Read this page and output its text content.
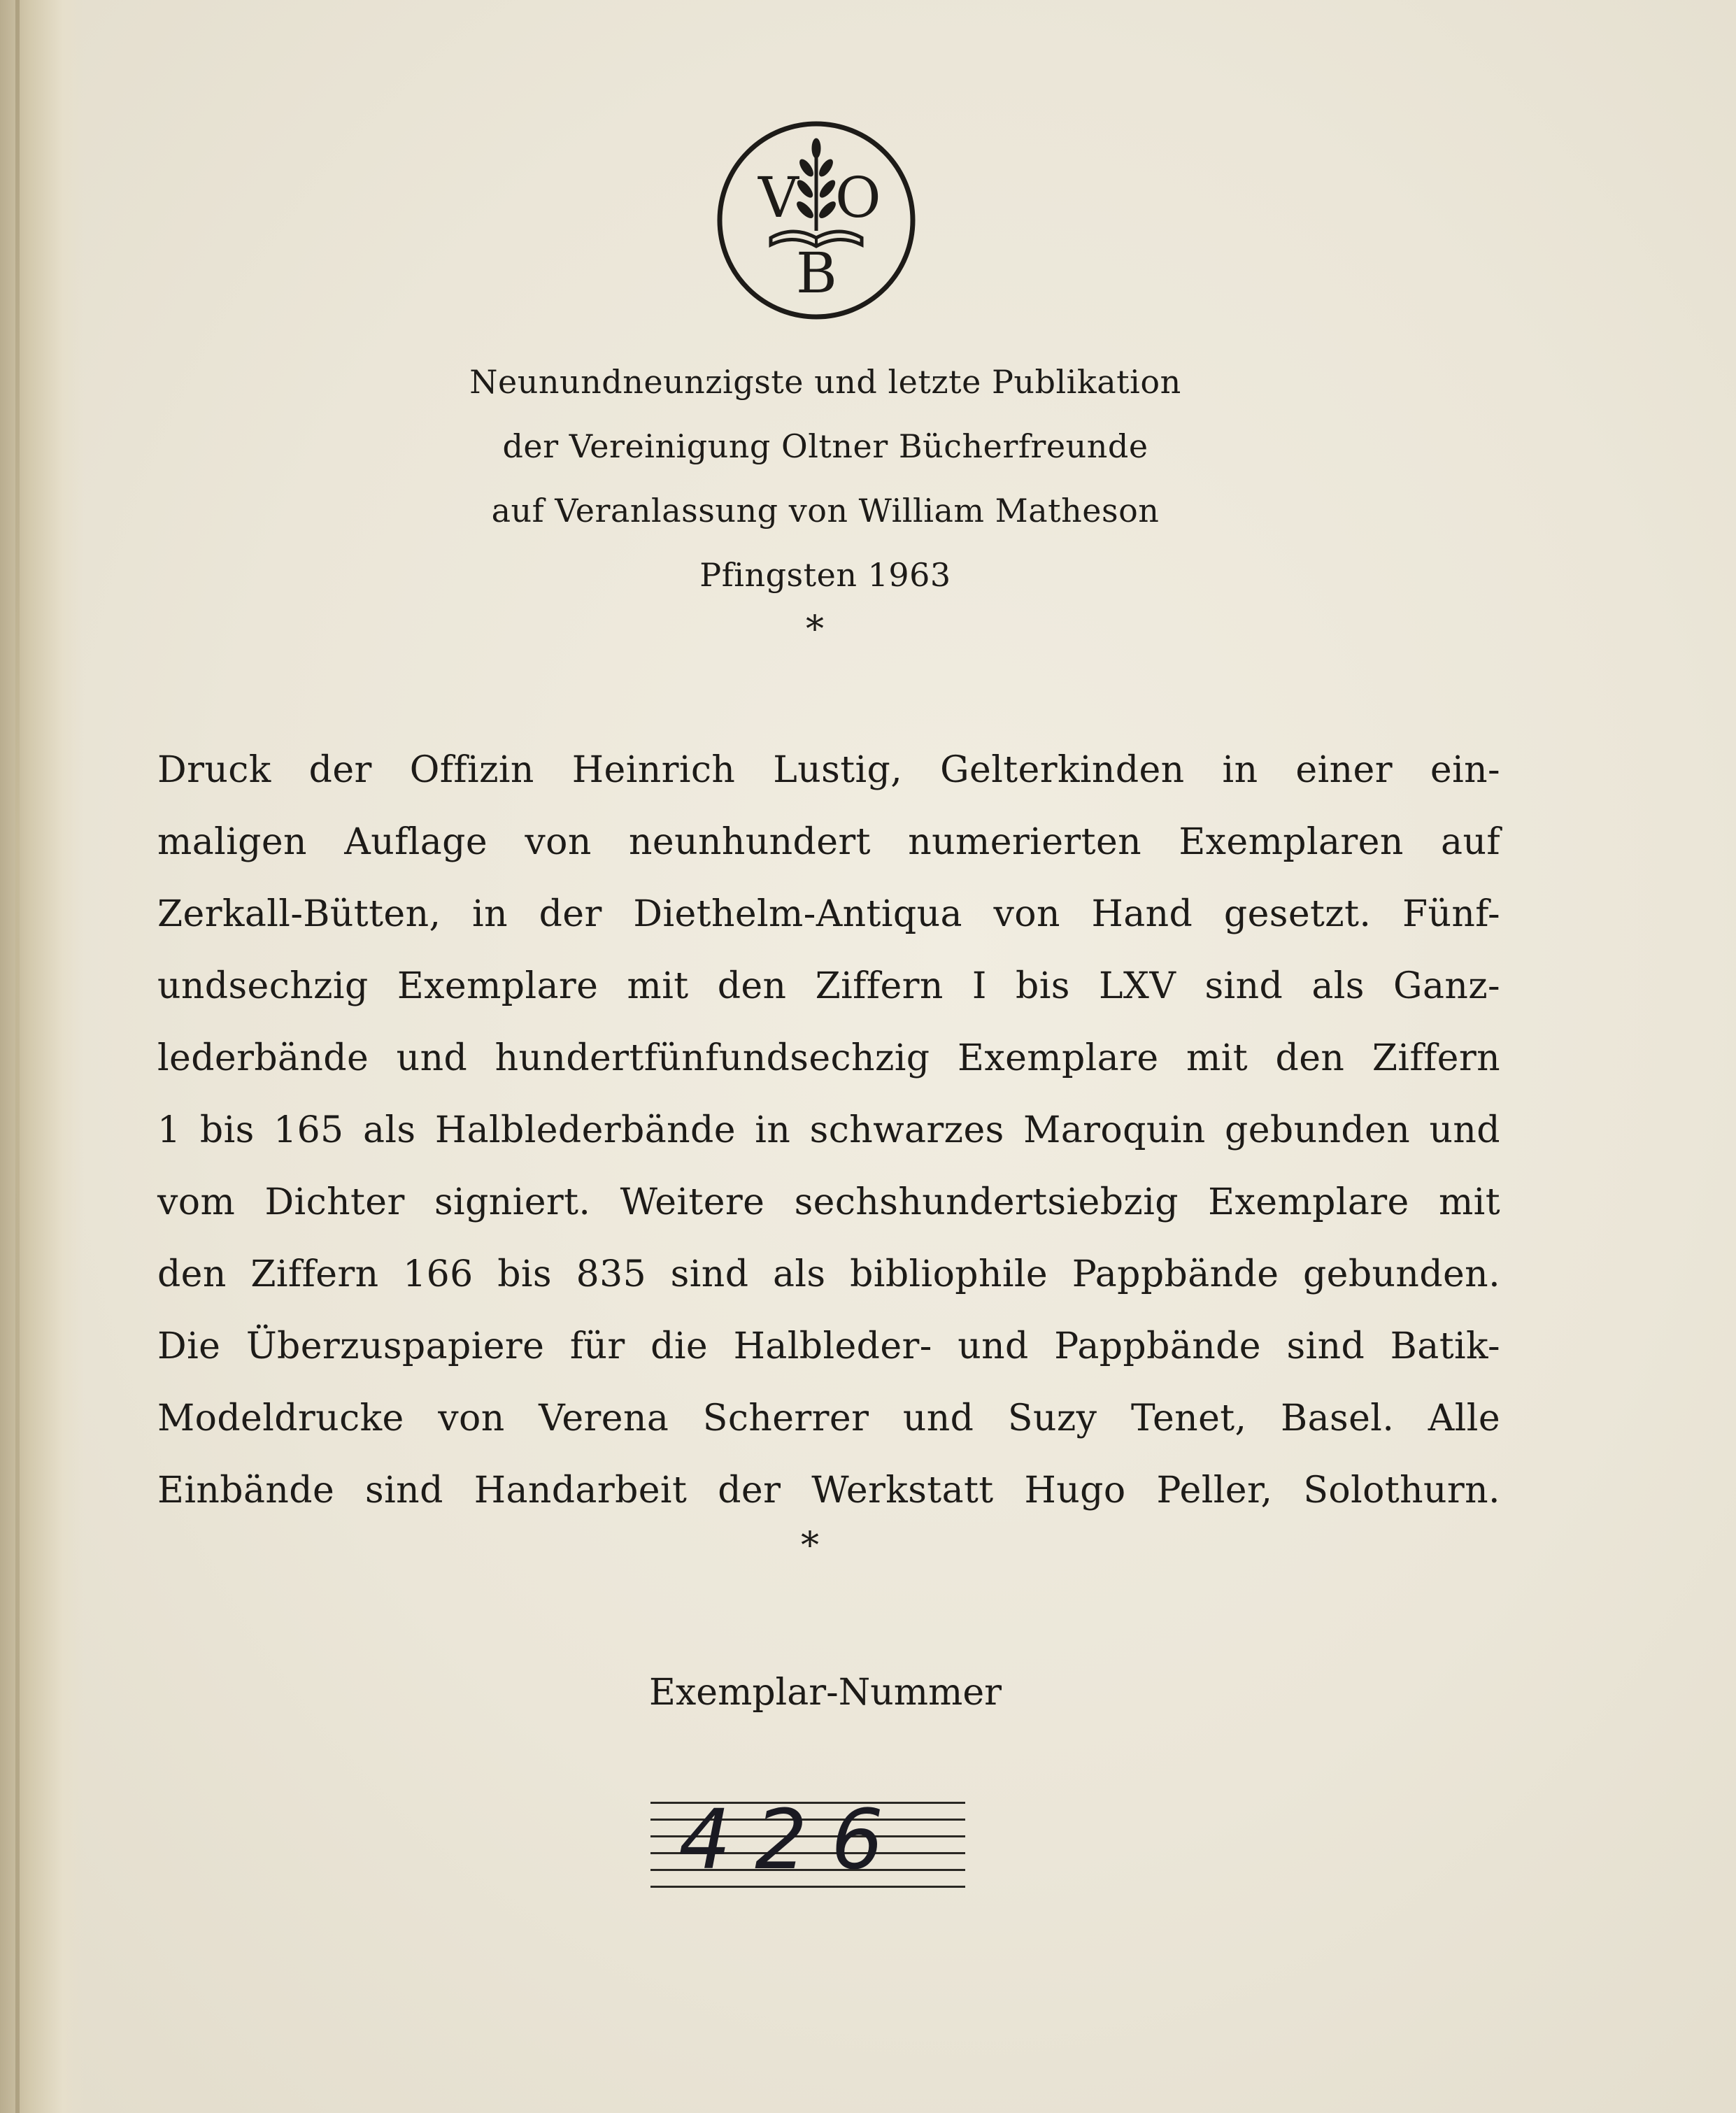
V O
B
Neunundneunzigste und letzte Publikation
der Vereinigung Oltner Bücherfreunde
auf Veranlassung von William Matheson
Pfingsten 1963
*
Druck der Offizin Heinrich Lustig, Gelterkinden in einer ein-
maligen Auflage von neunhundert numerierten Exemplaren auf
Zerkall-Bütten, in der Diethelm-Antiqua von Hand gesetzt. Fünf-
undsechzig Exemplare mit den Ziffern I bis LXV sind als Ganz-
lederbände und hundertfünfundsechzig Exemplare mit den Ziffern
1 bis 165 als Halblederbände in schwarzes Maroquin gebunden und
vom Dichter signiert. Weitere sechshundertsiebzig Exemplare mit
den Ziffern 166 bis 835 sind als bibliophile Pappbände gebunden.
Die Überzuspapiere für die Halbleder- und Pappbände sind Batik-
Modeldrucke von Verena Scherrer und Suzy Tenet, Basel. Alle
Einbände sind Handarbeit der Werkstatt Hugo Peller, Solothurn.
*
Exemplar-Nummer
426
